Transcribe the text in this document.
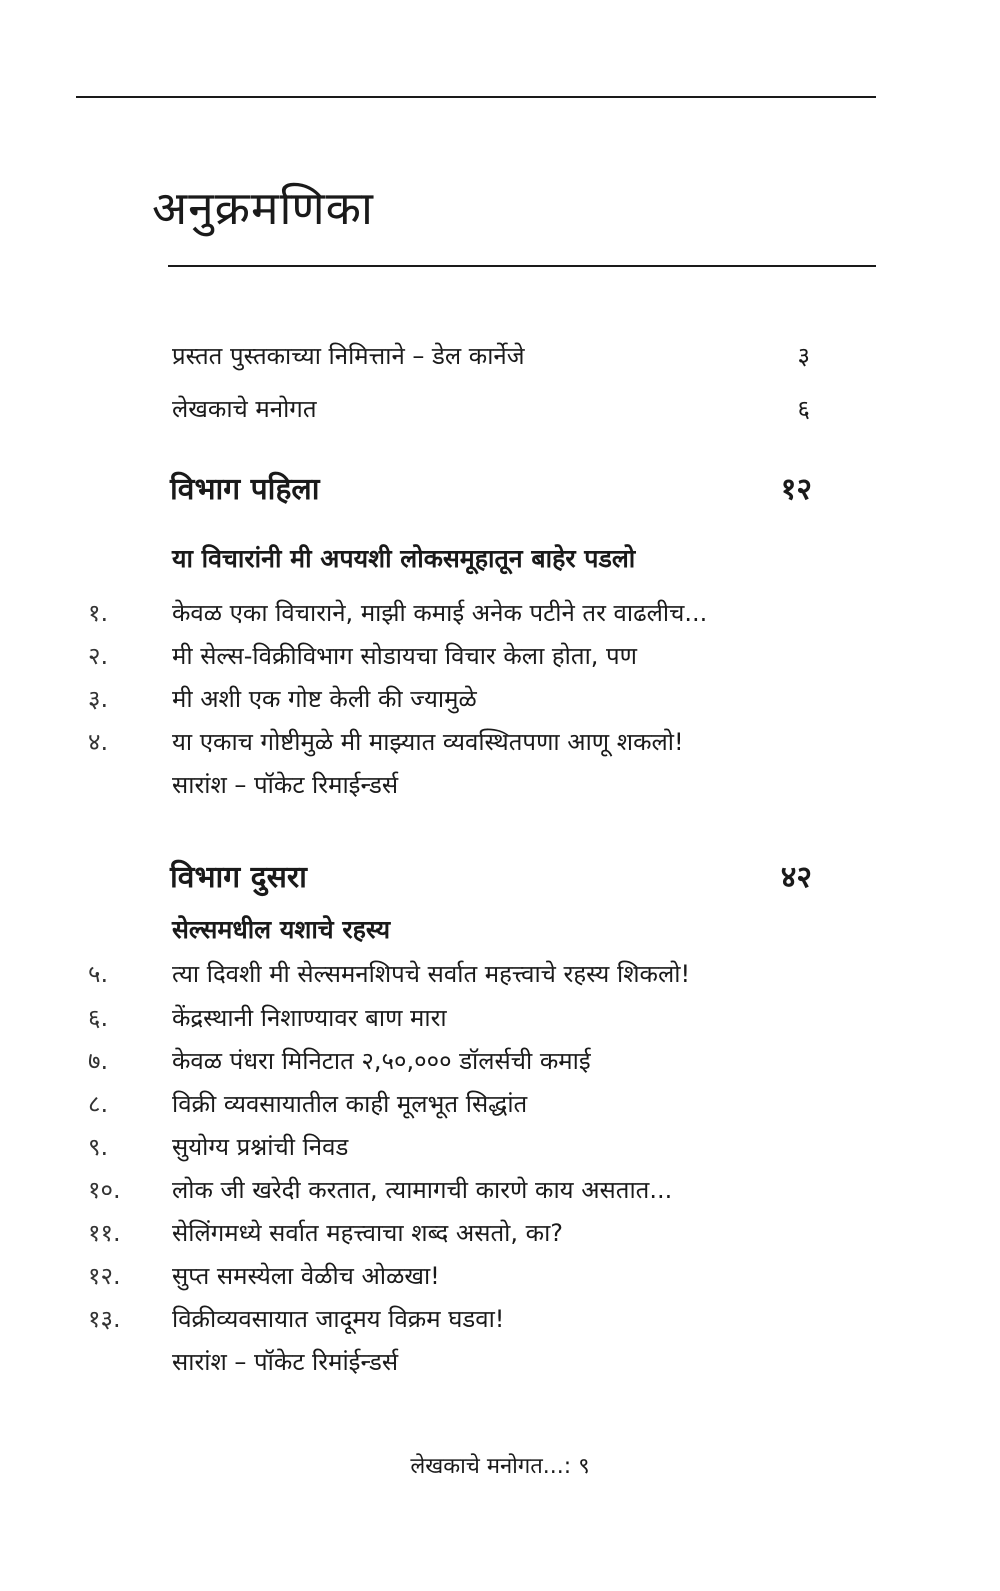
अनुक्रमणिका
प्रस्तत पुस्तकाच्या निमित्ताने – डेल कार्नेजे	३
लेखकाचे मनोगत	६
विभाग पहिला	१२
या विचारांनी मी अपयशी लोकसमूहातून बाहेर पडलो
१.	केवळ एका विचाराने, माझी कमाई अनेक पटीने तर वाढलीच...
२.	मी सेल्स-विक्रीविभाग सोडायचा विचार केला होता, पण
३.	मी अशी एक गोष्ट केली की ज्यामुळे
४.	या एकाच गोष्टीमुळे मी माझ्यात व्यवस्थितपणा आणू शकलो!
सारांश – पॉकेट रिमाईन्डर्स
विभाग दुसरा	४२
सेल्समधील यशाचे रहस्य
५.	त्या दिवशी मी सेल्समनशिपचे सर्वात महत्त्वाचे रहस्य शिकलो!
६.	केंद्रस्थानी निशाण्यावर बाण मारा
७.	केवळ पंधरा मिनिटात २,५०,००० डॉलर्सची कमाई
८.	विक्री व्यवसायातील काही मूलभूत सिद्धांत
९.	सुयोग्य प्रश्नांची निवड
१०. लोक जी खरेदी करतात, त्यामागची कारणे काय असतात...
११. सेलिंगमध्ये सर्वात महत्त्वाचा शब्द असतो, का?
१२. सुप्त समस्येला वेळीच ओळखा!
१३. विक्रीव्यवसायात जादूमय विक्रम घडवा!
सारांश – पॉकेट रिमांईन्डर्स
लेखकाचे मनोगत...: ९
